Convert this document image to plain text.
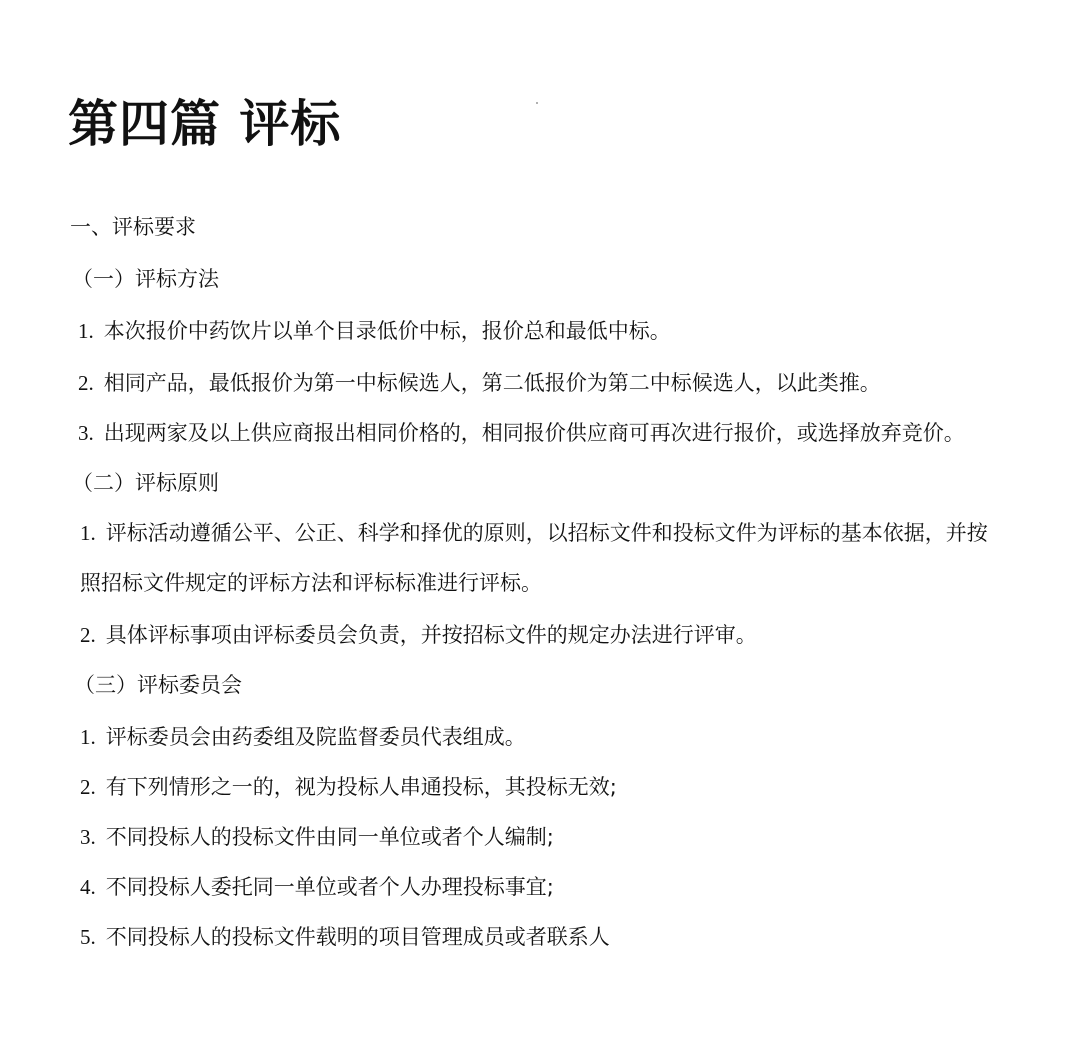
第四篇 评标
一、评标要求
（一）评标方法
1. 本次报价中药饮片以单个目录低价中标，报价总和最低中标。
2. 相同产品，最低报价为第一中标候选人，第二低报价为第二中标候选人，以此类推。
3. 出现两家及以上供应商报出相同价格的，相同报价供应商可再次进行报价，或选择放弃竞价。
（二）评标原则
1. 评标活动遵循公平、公正、科学和择优的原则，以招标文件和投标文件为评标的基本依据，并按
照招标文件规定的评标方法和评标标准进行评标。
2. 具体评标事项由评标委员会负责，并按招标文件的规定办法进行评审。
（三）评标委员会
1. 评标委员会由药委组及院监督委员代表组成。
2. 有下列情形之一的，视为投标人串通投标，其投标无效;
3. 不同投标人的投标文件由同一单位或者个人编制;
4. 不同投标人委托同一单位或者个人办理投标事宜;
5. 不同投标人的投标文件载明的项目管理成员或者联系人
